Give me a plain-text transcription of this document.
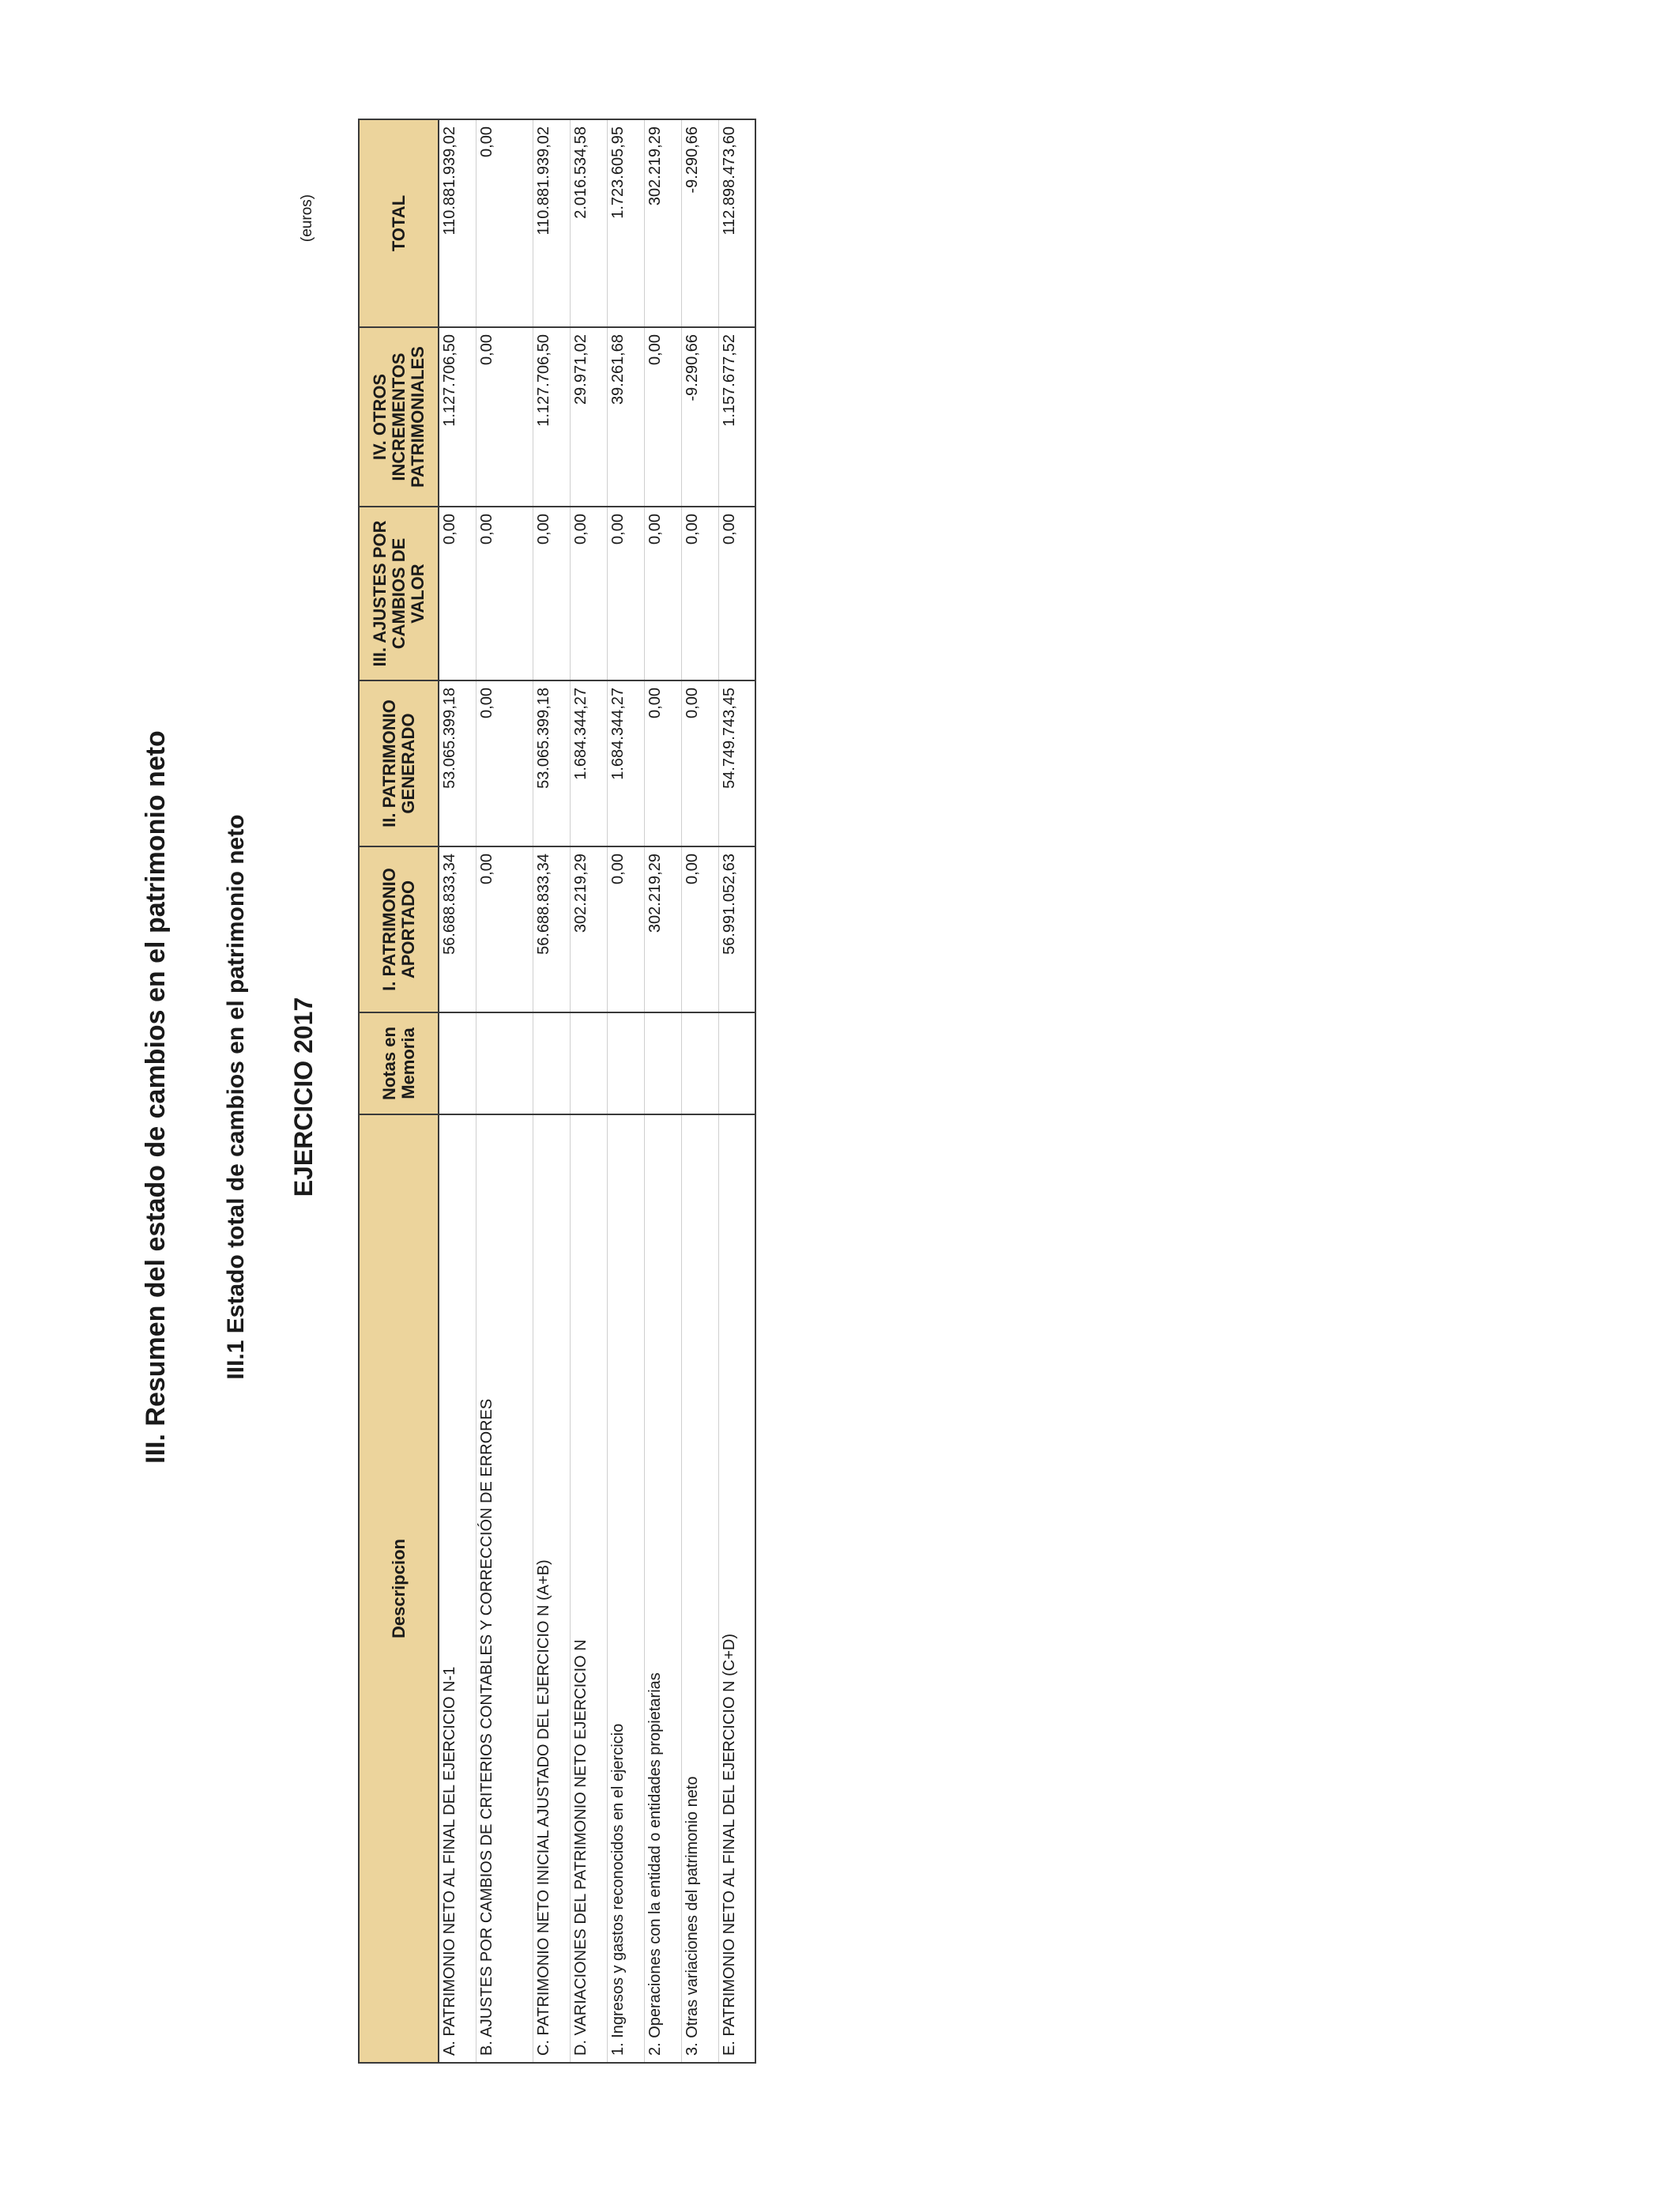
III. Resumen del estado de cambios en el patrimonio neto III.1 Estado total de cambios en el patrimonio neto EJERCICIO 2017
(euros)
Descripcion	Notas en Memoria	I. PATRIMONIO APORTADO	II. PATRIMONIO GENERADO	III. AJUSTES POR CAMBIOS DE VALOR	IV. OTROS INCREMENTOS PATRIMONIALES	TOTAL
A. PATRIMONIO NETO AL FINAL DEL EJERCICIO N-1		56.688.833,34	53.065.399,18	0,00	1.127.706,50	110.881.939,02
B. AJUSTES POR CAMBIOS DE CRITERIOS CONTABLES Y CORRECCIÓN DE ERRORES		0,00	0,00	0,00	0,00	0,00
C. PATRIMONIO NETO INICIAL AJUSTADO DEL EJERCICIO N (A+B)		56.688.833,34	53.065.399,18	0,00	1.127.706,50	110.881.939,02
D. VARIACIONES DEL PATRIMONIO NETO EJERCICIO N		302.219,29	1.684.344,27	0,00	29.971,02	2.016.534,58
1. Ingresos y gastos reconocidos en el ejercicio		0,00	1.684.344,27	0,00	39.261,68	1.723.605,95
2. Operaciones con la entidad o entidades propietarias		302.219,29	0,00	0,00	0,00	302.219,29
3. Otras variaciones del patrimonio neto		0,00	0,00	0,00	-9.290,66	-9.290,66
E. PATRIMONIO NETO AL FINAL DEL EJERCICIO N (C+D)		56.991.052,63	54.749.743,45	0,00	1.157.677,52	112.898.473,60
